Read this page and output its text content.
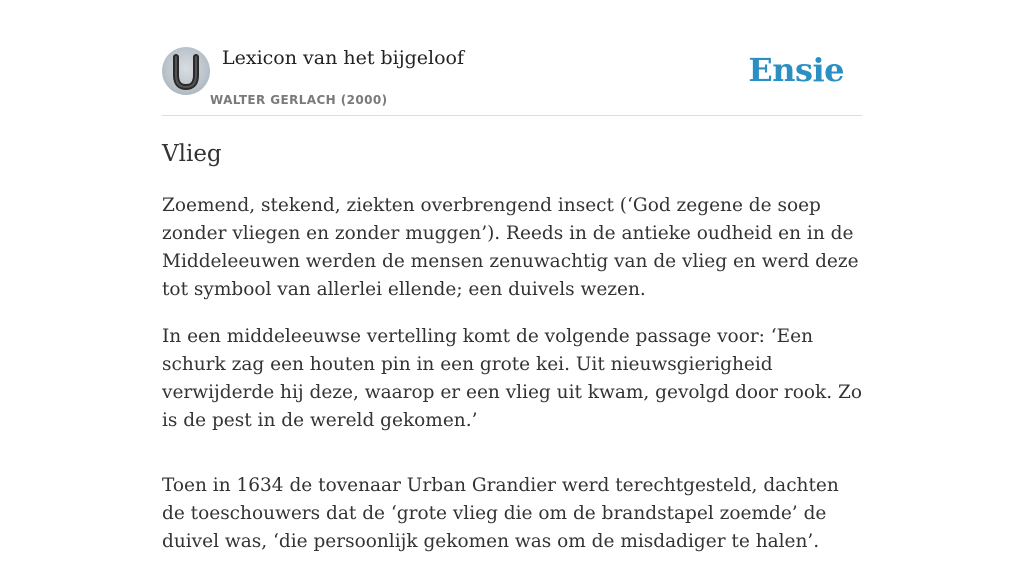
Lexicon van het bijgeloof
WALTER GERLACH (2000)
Ensie
Vlieg

Zoemend, stekend, ziekten overbrengend insect (‘God zegene de soep zonder vliegen en zonder muggen’). Reeds in de antieke oudheid en in de Middeleeuwen werden de mensen zenuwachtig van de vlieg en werd deze tot symbool van allerlei ellende; een duivels wezen.

In een middeleeuwse vertelling komt de volgende passage voor: ‘Een schurk zag een houten pin in een grote kei. Uit nieuwsgierigheid verwijderde hij deze, waarop er een vlieg uit kwam, gevolgd door rook. Zo is de pest in de wereld gekomen.’

Toen in 1634 de tovenaar Urban Grandier werd terechtgesteld, dachten de toeschouwers dat de ‘grote vlieg die om de brandstapel zoemde’ de duivel was, ‘die persoonlijk gekomen was om de misdadiger te halen’.
